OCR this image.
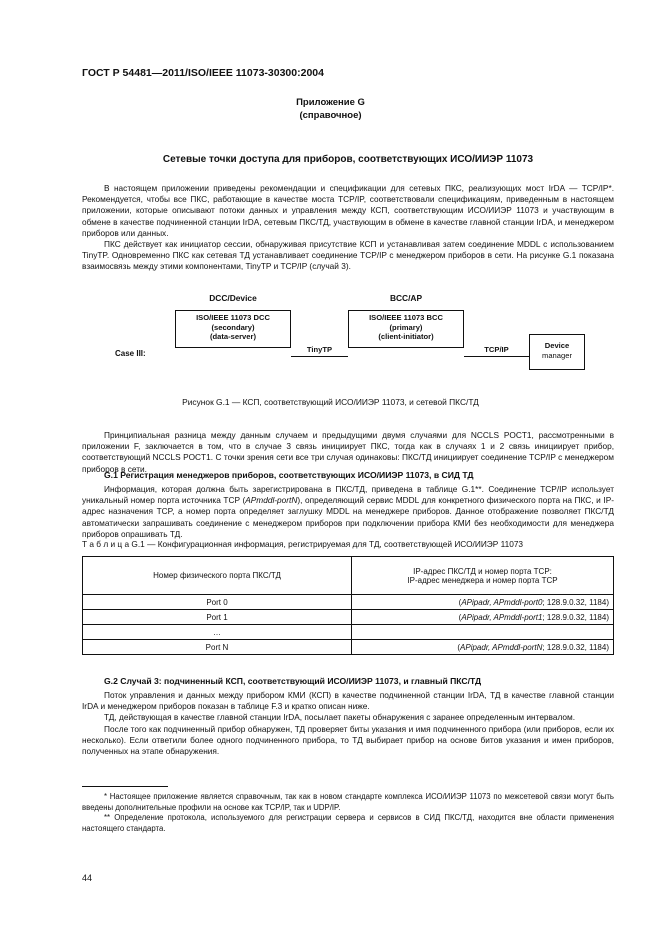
ГОСТ Р 54481—2011/ISO/IEEE 11073-30300:2004
Приложение G
(справочное)
Сетевые точки доступа для приборов, соответствующих ИСО/ИИЭР 11073

В настоящем приложении приведены рекомендации и спецификации для сетевых ПКС, реализующих мост IrDA — TCP/IP*. Рекомендуется, чтобы все ПКС, работающие в качестве моста TCP/IP, соответствовали спецификациям, приведенным в настоящем приложении, которые описывают потоки данных и управления между КСП, соответствующим ИСО/ИИЭР 11073 и участвующим в обмене в качестве подчиненной станции IrDA, сетевым ПКС/ТД, участвующим в обмене в качестве главной станции IrDA, и менеджером приборов или данных.

ПКС действует как инициатор сессии, обнаруживая присутствие КСП и устанавливая затем соединение MDDL с использованием TinyTP. Одновременно ПКС как сетевая ТД устанавливает соединение TCP/IP с менеджером приборов в сети. На рисунке G.1 показана взаимосвязь между этими компонентами, TinyTP и TCP/IP (случай 3).

DCC/Device	BCC/AP
Case III:
ISO/IEEE 11073 DCC
(secondary)
(data-server)
TinyTP
ISO/IEEE 11073 BCC
(primary)
(client-initiator)
TCP/IP	Device
manager
Рисунок G.1 — КСП, соответствующий ИСО/ИИЭР 11073, и сетевой ПКС/ТД

Принципиальная разница между данным случаем и предыдущими двумя случаями для NCCLS POCT1, рассмотренными в приложении F, заключается в том, что в случае 3 связь инициирует ПКС, тогда как в случаях 1 и 2 связь инициирует прибор, соответствующий NCCLS POCT1. С точки зрения сети все три случая одинаковы: ПКС/ТД инициирует соединение TCP/IP с менеджером приборов в сети.

G.1 Регистрация менеджеров приборов, соответствующих ИСО/ИИЭР 11073, в СИД ТД

Информация, которая должна быть зарегистрирована в ПКС/ТД, приведена в таблице G.1**. Соединение TCP/IP использует уникальный номер порта источника TCP (APmddl-portN), определяющий сервис MDDL для конкретного физического порта на ПКС, и IP-адрес назначения TCP, а номер порта определяет заглушку MDDL на менеджере приборов. Данное отображение позволяет ПКС/ТД автоматически запрашивать соединение с менеджером приборов при подключении прибора КМИ без необходимости для менеджера приборов опрашивать ТД.

Т а б л и ц а G.1 — Конфигурационная информация, регистрируемая для ТД, соответствующей ИСО/ИИЭР 11073
Номер физического порта ПКС/ТД	IP-адрес ПКС/ТД и номер порта TCP:
IP-адрес менеджера и номер порта TCP

Port 0	(APipadr, APmddl-port0; 128.9.0.32, 1184)
Port 1	(APipadr, APmddl-port1; 128.9.0.32, 1184)
…	
Port N	(APipadr, APmddl-portN; 128.9.0.32, 1184)
G.2 Случай 3: подчиненный КСП, соответствующий ИСО/ИИЭР 11073, и главный ПКС/ТД

Поток управления и данных между прибором КМИ (КСП) в качестве подчиненной станции IrDA, ТД в качестве главной станции IrDA и менеджером приборов показан в таблице F.3 и кратко описан ниже.

ТД, действующая в качестве главной станции IrDA, посылает пакеты обнаружения с заранее определенным интервалом.

После того как подчиненный прибор обнаружен, ТД проверяет биты указания и имя подчиненного прибора (или приборов, если их несколько). Если ответили более одного подчиненного прибора, то ТД выбирает прибор на основе битов указания и имен приборов, полученных на этапе обнаружения.

* Настоящее приложение является справочным, так как в новом стандарте комплекса ИСО/ИИЭР 11073 по межсетевой связи могут быть введены дополнительные профили на основе как TCP/IP, так и UDP/IP.

** Определение протокола, используемого для регистрации сервера и сервисов в СИД ПКС/ТД, находится вне области применения настоящего стандарта.

44
